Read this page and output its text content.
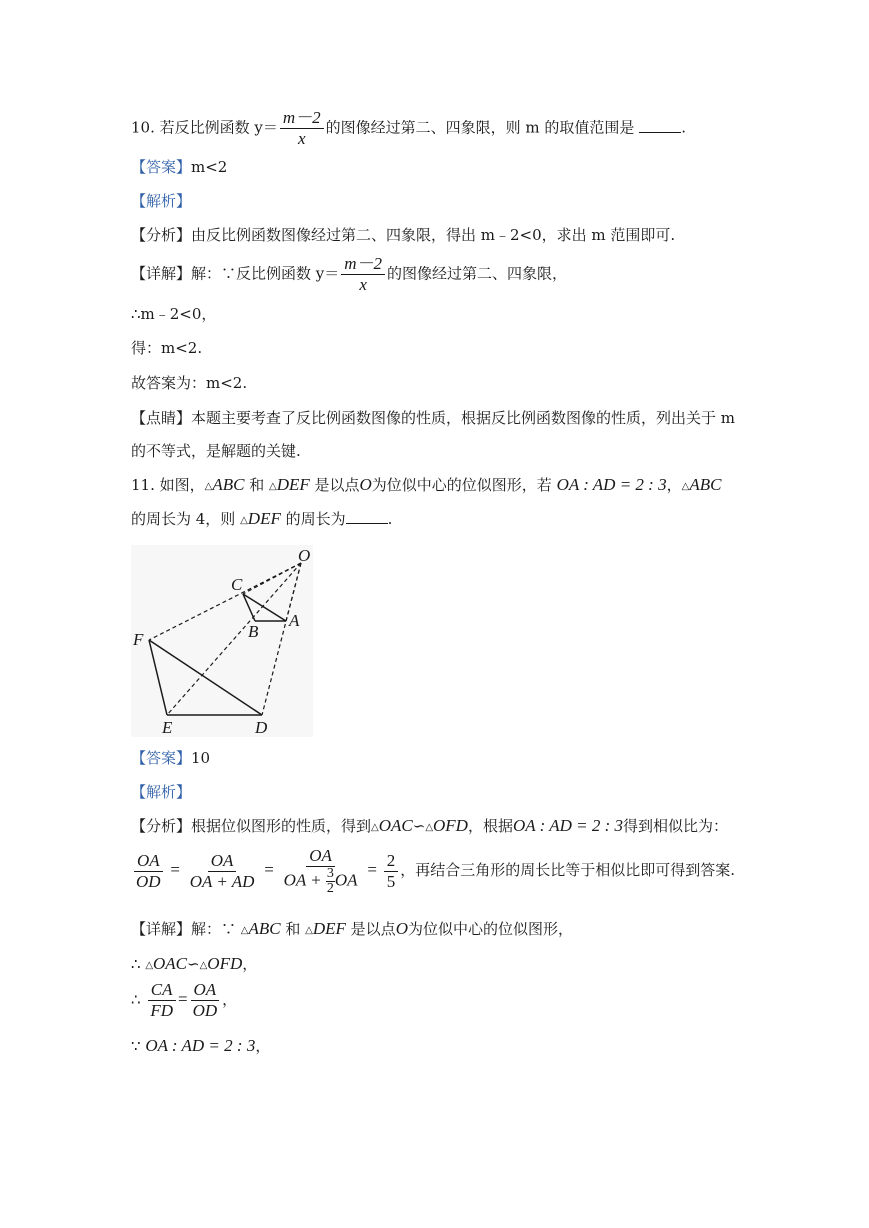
10. 若反比例函数 $y= \frac{m-2}{x}$ 的图像经过第二、四象限，则 m 的取值范围是	.
【答案】m<2
【解析】
【分析】由反比例函数图像经过第二、四象限，得出 m﹣2<0，求出 m 范围即可.
【详解】解：∵反比例函数 $y= \frac{m-2}{x}$ 的图像经过第二、四象限，
∴m﹣2<0，
得：m<2.
故答案为：m<2.
【点睛】本题主要考查了反比例函数图像的性质，根据反比例函数图像的性质，列出关于 m
的不等式，是解题的关键.
11. 如图，△ABC 和 △DEF 是以点O为位似中心的位似图形，若 OA : AD = 2 : 3，△ABC
的周长为 4，则 △DEF 的周长为	.
O
C
B
A
F
E	D
【答案】10
【解析】
【分析】根据位似图形的性质，得到△OAC∽△OFD，根据OA : AD = 2 : 3得到相似比为：
$\frac{OA}{OD} = \frac{OA}{OA + AD} = \frac{OA}{OA + \frac{3}{2} OA} = \frac{2}{5}$ ，再结合三角形的周长比等于相似比即可得到答案.
【详解】解：∵ △ABC 和 △DEF 是以点O为位似中心的位似图形，
∴ △OAC∽△OFD，
∴ $\frac{CA}{FD} = \frac{OA}{OD}$ ，
∵ OA : AD = 2 : 3，
